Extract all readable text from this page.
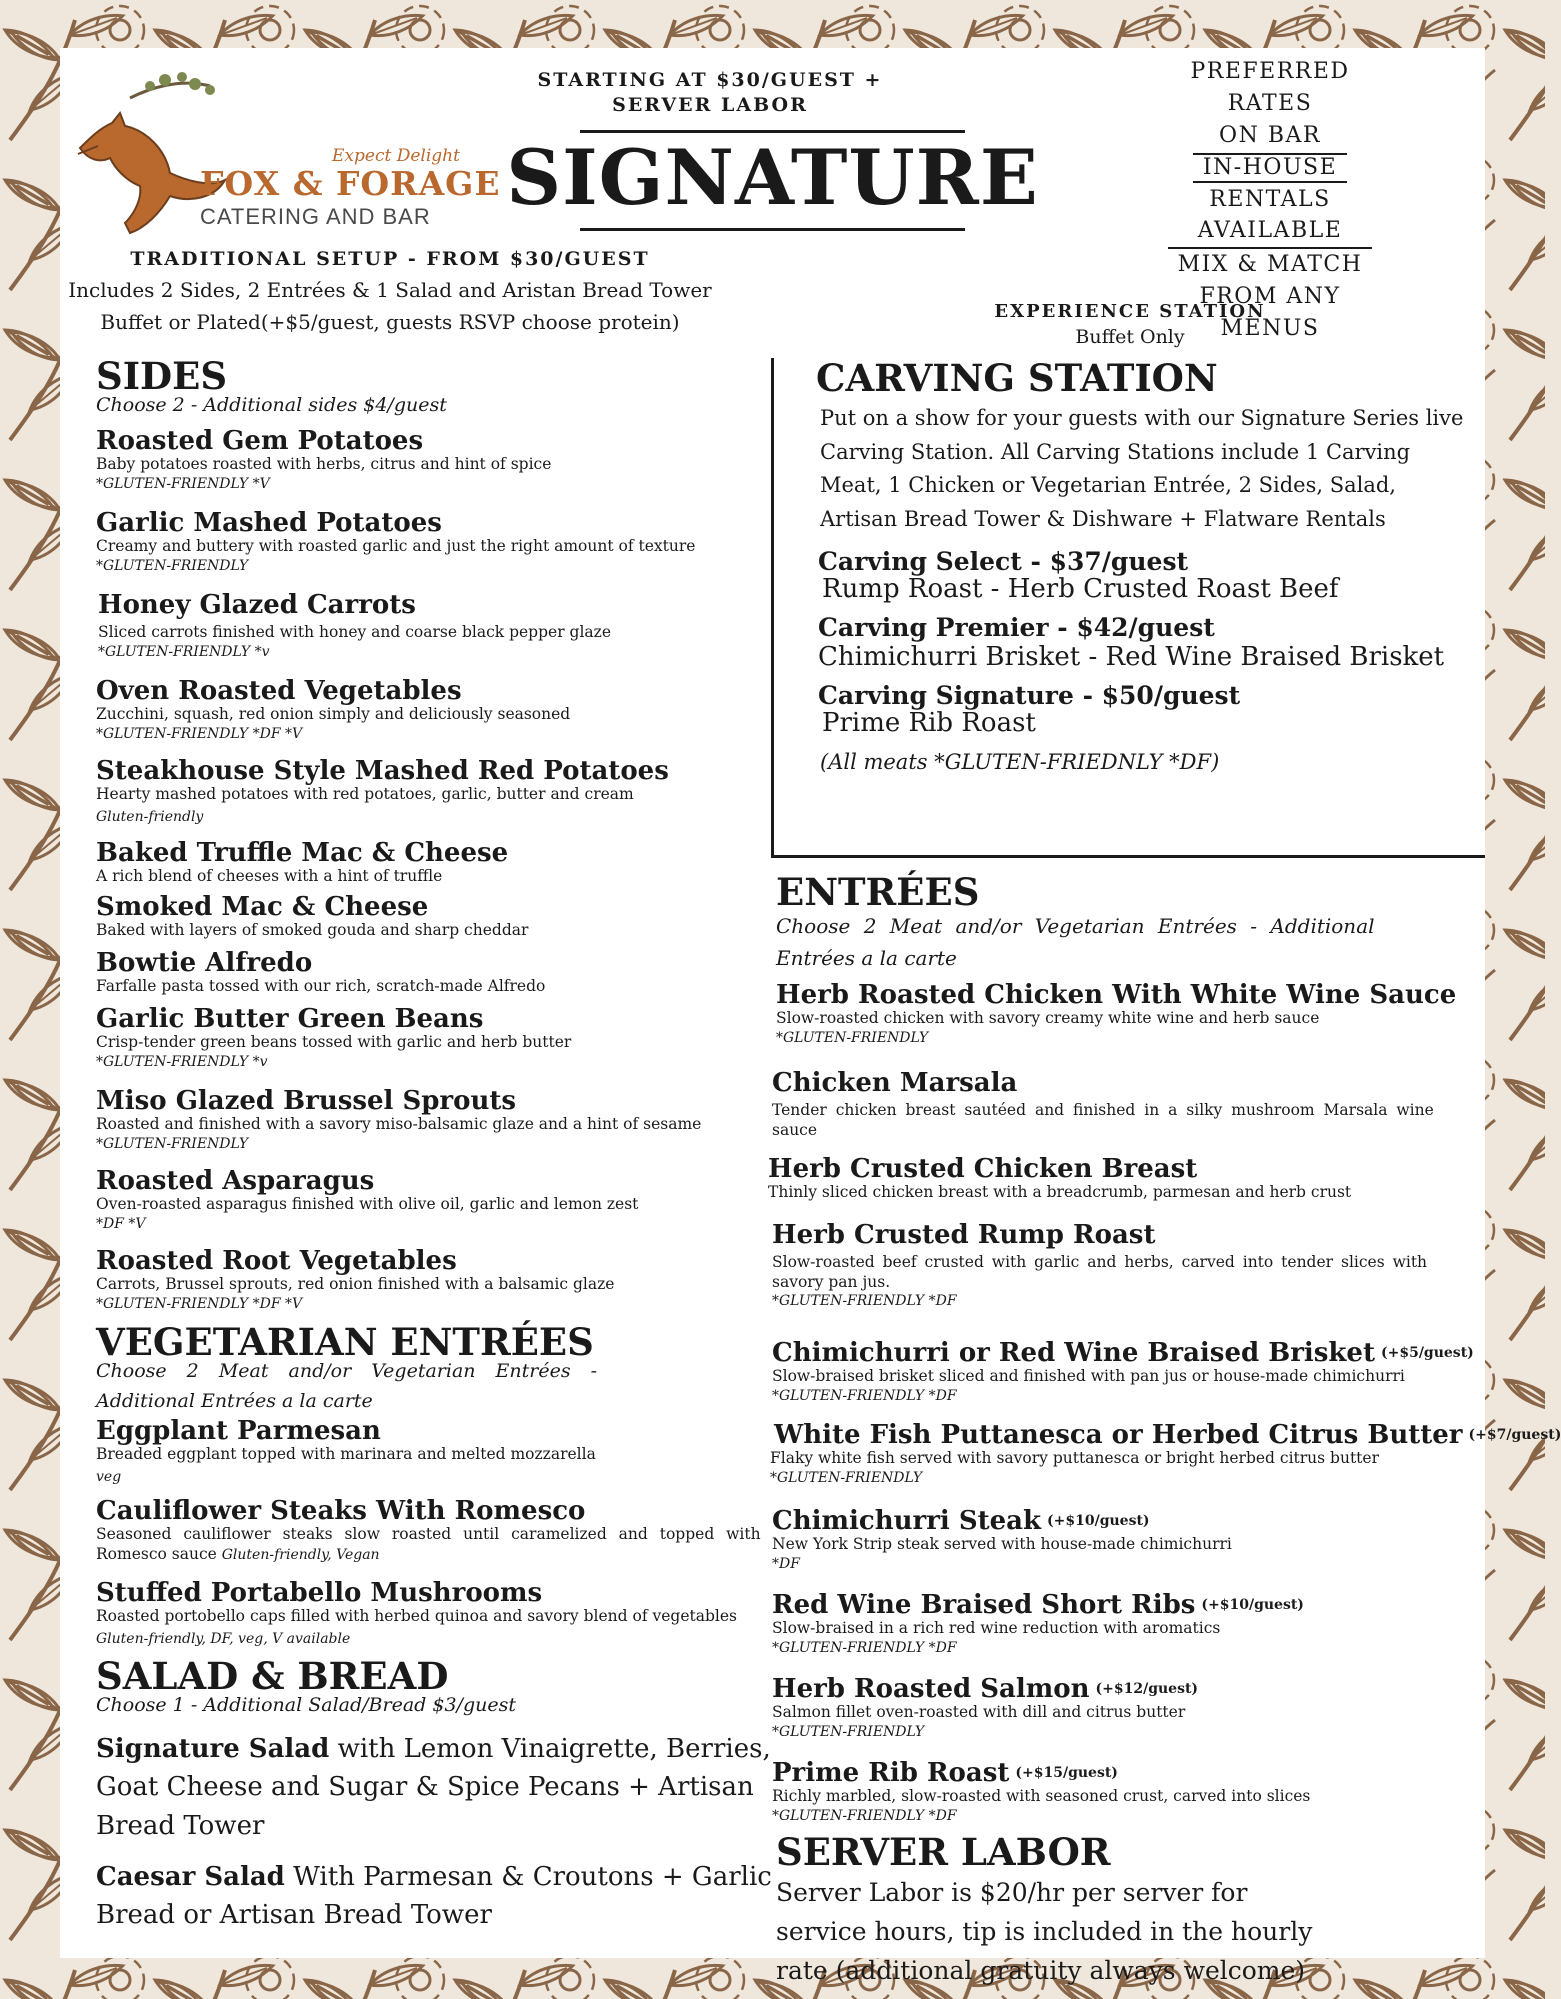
Expect Delight
FOX & FORAGE
CATERING AND BAR
STARTING AT $30/GUEST +
SERVER LABOR
SIGNATURE
PREFERRED RATES
ON BAR
IN-HOUSE
RENTALS
AVAILABLE
MIX & MATCH
FROM ANY MENUS
TRADITIONAL SETUP - FROM $30/GUEST
Includes 2 Sides, 2 Entrées & 1 Salad and Aristan Bread Tower
Buffet or Plated(+$5/guest, guests RSVP choose protein)	EXPERIENCE STATION
Buffet Only
SIDES
Choose 2 - Additional sides $4/guest
Roasted Gem Potatoes
Baby potatoes roasted with herbs, citrus and hint of spice
*GLUTEN-FRIENDLY *V
Garlic Mashed Potatoes
Creamy and buttery with roasted garlic and just the right amount of texture
*GLUTEN-FRIENDLY
Honey Glazed Carrots
Sliced carrots finished with honey and coarse black pepper glaze
*GLUTEN-FRIENDLY *v
Oven Roasted Vegetables
Zucchini, squash, red onion simply and deliciously seasoned
*GLUTEN-FRIENDLY *DF *V
Steakhouse Style Mashed Red Potatoes
Hearty mashed potatoes with red potatoes, garlic, butter and cream
Gluten-friendly
Baked Truffle Mac & Cheese
A rich blend of cheeses with a hint of truffle
Smoked Mac & Cheese
Baked with layers of smoked gouda and sharp cheddar
Bowtie Alfredo
Farfalle pasta tossed with our rich, scratch-made Alfredo
Garlic Butter Green Beans
Crisp-tender green beans tossed with garlic and herb butter
*GLUTEN-FRIENDLY *v
Miso Glazed Brussel Sprouts
Roasted and finished with a savory miso-balsamic glaze and a hint of sesame
*GLUTEN-FRIENDLY
Roasted Asparagus
Oven-roasted asparagus finished with olive oil, garlic and lemon zest
*DF *V
Roasted Root Vegetables
Carrots, Brussel sprouts, red onion finished with a balsamic glaze
*GLUTEN-FRIENDLY *DF *V
VEGETARIAN ENTRÉES
Choose 2 Meat and/or Vegetarian Entrées -
Additional Entrées a la carte
Eggplant Parmesan
Breaded eggplant topped with marinara and melted mozzarella
veg
Cauliflower Steaks With Romesco
Seasoned cauliflower steaks slow roasted until caramelized and topped with
Romesco sauce Gluten-friendly, Vegan
Stuffed Portabello Mushrooms
Roasted portobello caps filled with herbed quinoa and savory blend of vegetables
Gluten-friendly, DF, veg, V available
SALAD & BREAD
Choose 1 - Additional Salad/Bread $3/guest
Signature Salad with Lemon Vinaigrette, Berries,
Goat Cheese and Sugar & Spice Pecans + Artisan
Bread Tower
Caesar Salad With Parmesan & Croutons + Garlic
Bread or Artisan Bread Tower
CARVING STATION
Put on a show for your guests with our Signature Series live
Carving Station. All Carving Stations include 1 Carving
Meat, 1 Chicken or Vegetarian Entrée, 2 Sides, Salad,
Artisan Bread Tower & Dishware + Flatware Rentals
Carving Select - $37/guest
Rump Roast - Herb Crusted Roast Beef
Carving Premier - $42/guest
Chimichurri Brisket - Red Wine Braised Brisket
Carving Signature - $50/guest
Prime Rib Roast
(All meats *GLUTEN-FRIEDNLY *DF)
ENTRÉES
Choose 2 Meat and/or Vegetarian Entrées - Additional
Entrées a la carte
Herb Roasted Chicken With White Wine Sauce
Slow-roasted chicken with savory creamy white wine and herb sauce
*GLUTEN-FRIENDLY
Chicken Marsala
Tender chicken breast sautéed and finished in a silky mushroom Marsala wine
sauce
Herb Crusted Chicken Breast
Thinly sliced chicken breast with a breadcrumb, parmesan and herb crust
Herb Crusted Rump Roast
Slow-roasted beef crusted with garlic and herbs, carved into tender slices with
savory pan jus.
*GLUTEN-FRIENDLY *DF
Chimichurri or Red Wine Braised Brisket (+$5/guest)
Slow-braised brisket sliced and finished with pan jus or house-made chimichurri
*GLUTEN-FRIENDLY *DF
White Fish Puttanesca or Herbed Citrus Butter (+$7/guest)
Flaky white fish served with savory puttanesca or bright herbed citrus butter
*GLUTEN-FRIENDLY
Chimichurri Steak (+$10/guest)
New York Strip steak served with house-made chimichurri
*DF
Red Wine Braised Short Ribs (+$10/guest)
Slow-braised in a rich red wine reduction with aromatics
*GLUTEN-FRIENDLY *DF
Herb Roasted Salmon (+$12/guest)
Salmon fillet oven-roasted with dill and citrus butter
*GLUTEN-FRIENDLY
Prime Rib Roast (+$15/guest)
Richly marbled, slow-roasted with seasoned crust, carved into slices
*GLUTEN-FRIENDLY *DF
SERVER LABOR
Server Labor is $20/hr per server for
service hours, tip is included in the hourly
rate (additional gratuity always welcome)
